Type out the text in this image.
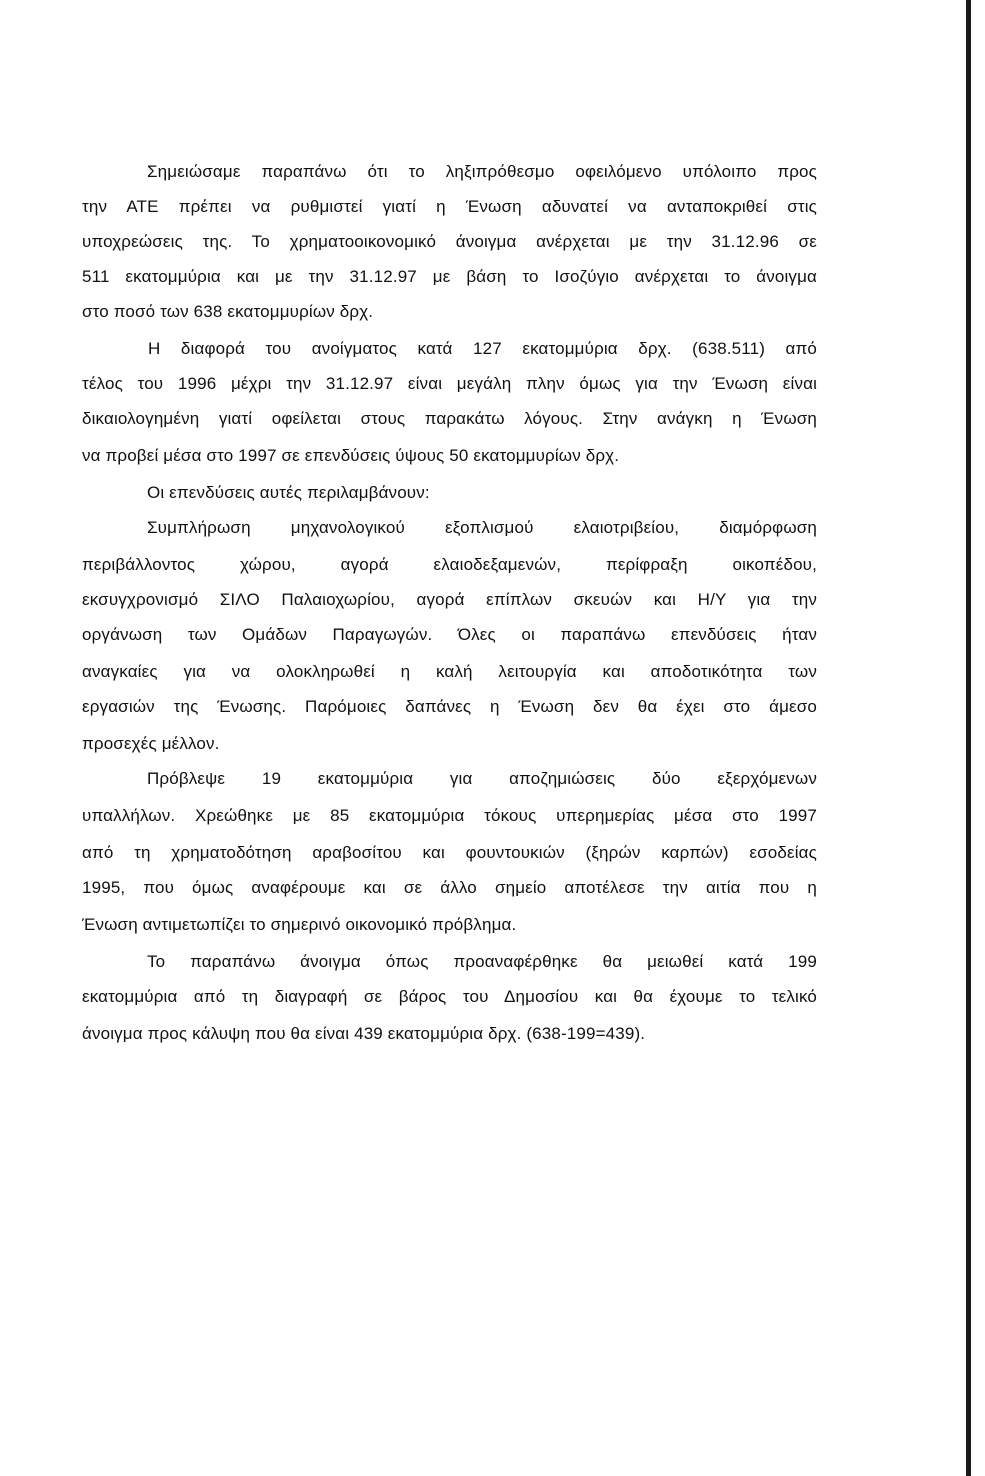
Σημειώσαμε παραπάνω ότι το ληξιπρόθεσμο οφειλόμενο υπόλοιπο προς
την ΑΤΕ πρέπει να ρυθμιστεί γιατί η Ένωση αδυνατεί να ανταποκριθεί στις
υποχρεώσεις της. Το χρηματοοικονομικό άνοιγμα ανέρχεται με την 31.12.96 σε
511 εκατομμύρια και με την 31.12.97 με βάση το Ισοζύγιο ανέρχεται το άνοιγμα
στο ποσό των 638 εκατομμυρίων δρχ.
Η διαφορά του ανοίγματος κατά 127 εκατομμύρια δρχ. (638.511) από
τέλος του 1996 μέχρι την 31.12.97 είναι μεγάλη πλην όμως για την Ένωση είναι
δικαιολογημένη γιατί οφείλεται στους παρακάτω λόγους. Στην ανάγκη η Ένωση
να προβεί μέσα στο 1997 σε επενδύσεις ύψους 50 εκατομμυρίων δρχ.
Οι επενδύσεις αυτές περιλαμβάνουν:
Συμπλήρωση μηχανολογικού εξοπλισμού ελαιοτριβείου, διαμόρφωση
περιβάλλοντος χώρου, αγορά ελαιοδεξαμενών, περίφραξη οικοπέδου,
εκσυγχρονισμό ΣΙΛΟ Παλαιοχωρίου, αγορά επίπλων σκευών και Η/Υ για την
οργάνωση των Ομάδων Παραγωγών. Όλες οι παραπάνω επενδύσεις ήταν
αναγκαίες για να ολοκληρωθεί η καλή λειτουργία και αποδοτικότητα των
εργασιών της Ένωσης. Παρόμοιες δαπάνες η Ένωση δεν θα έχει στο άμεσο
προσεχές μέλλον.
Πρόβλεψε 19 εκατομμύρια για αποζημιώσεις δύο εξερχόμενων
υπαλλήλων. Χρεώθηκε με 85 εκατομμύρια τόκους υπερημερίας μέσα στο 1997
από τη χρηματοδότηση αραβοσίτου και φουντουκιών (ξηρών καρπών) εσοδείας
1995, που όμως αναφέρουμε και σε άλλο σημείο αποτέλεσε την αιτία που η
Ένωση αντιμετωπίζει το σημερινό οικονομικό πρόβλημα.
Το παραπάνω άνοιγμα όπως προαναφέρθηκε θα μειωθεί κατά 199
εκατομμύρια από τη διαγραφή σε βάρος του Δημοσίου και θα έχουμε το τελικό
άνοιγμα προς κάλυψη που θα είναι 439 εκατομμύρια δρχ. (638-199=439).
